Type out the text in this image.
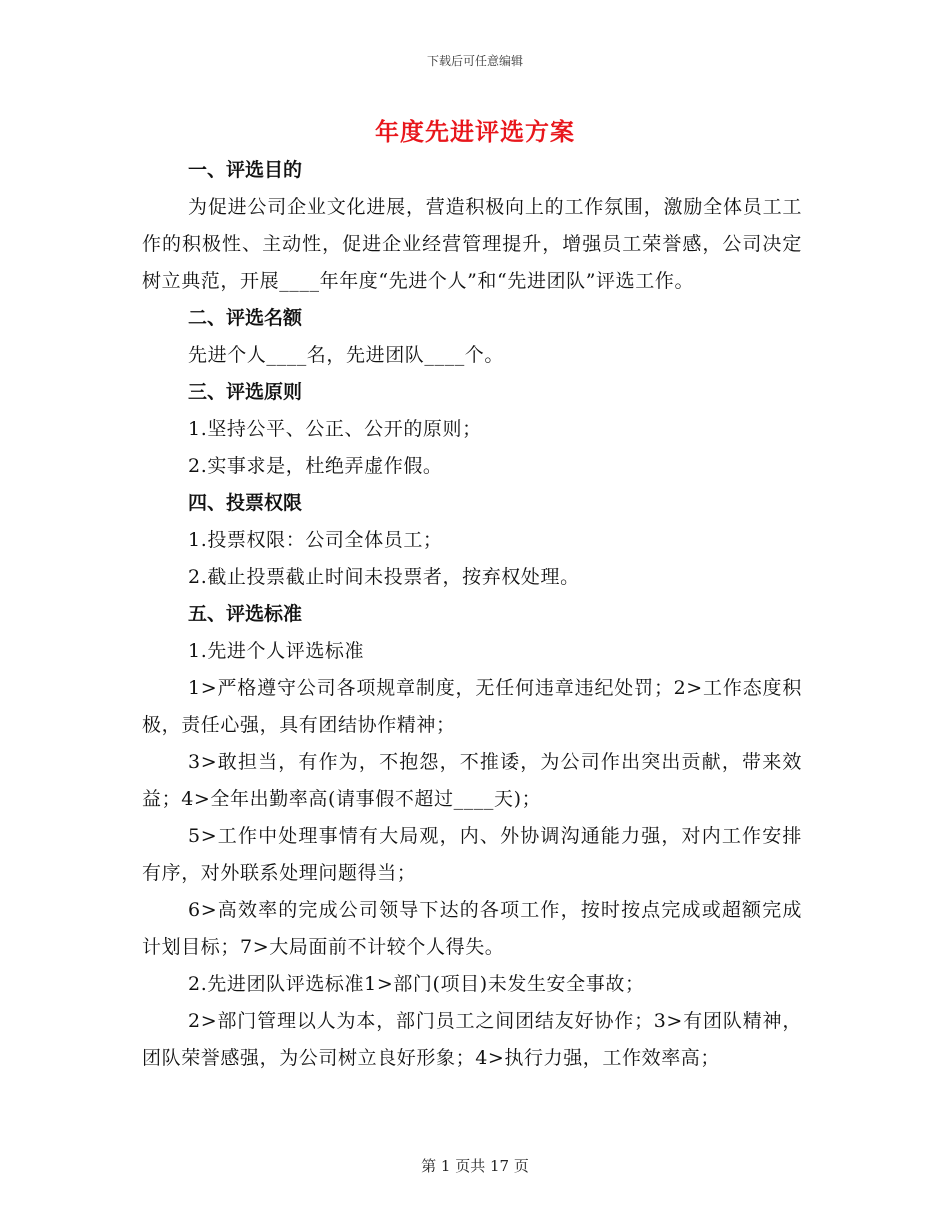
下载后可任意编辑
年度先进评选方案
一、评选目的
为促进公司企业文化进展，营造积极向上的工作氛围，激励全体员工工作的积极性、主动性，促进企业经营管理提升，增强员工荣誉感，公司决定树立典范，开展____年年度“先进个人”和“先进团队”评选工作。
二、评选名额
先进个人____名，先进团队____个。
三、评选原则
1.坚持公平、公正、公开的原则；
2.实事求是，杜绝弄虚作假。
四、投票权限
1.投票权限：公司全体员工；
2.截止投票截止时间未投票者，按弃权处理。
五、评选标准
1.先进个人评选标准
1>严格遵守公司各项规章制度，无任何违章违纪处罚；2>工作态度积极，责任心强，具有团结协作精神；
3>敢担当，有作为，不抱怨，不推诿，为公司作出突出贡献，带来效益；4>全年出勤率高(请事假不超过____天)；
5>工作中处理事情有大局观，内、外协调沟通能力强，对内工作安排有序，对外联系处理问题得当；
6>高效率的完成公司领导下达的各项工作，按时按点完成或超额完成计划目标；7>大局面前不计较个人得失。
2.先进团队评选标准1>部门(项目)未发生安全事故；
2>部门管理以人为本，部门员工之间团结友好协作；3>有团队精神，团队荣誉感强，为公司树立良好形象；4>执行力强，工作效率高；
第 1 页共 17 页
